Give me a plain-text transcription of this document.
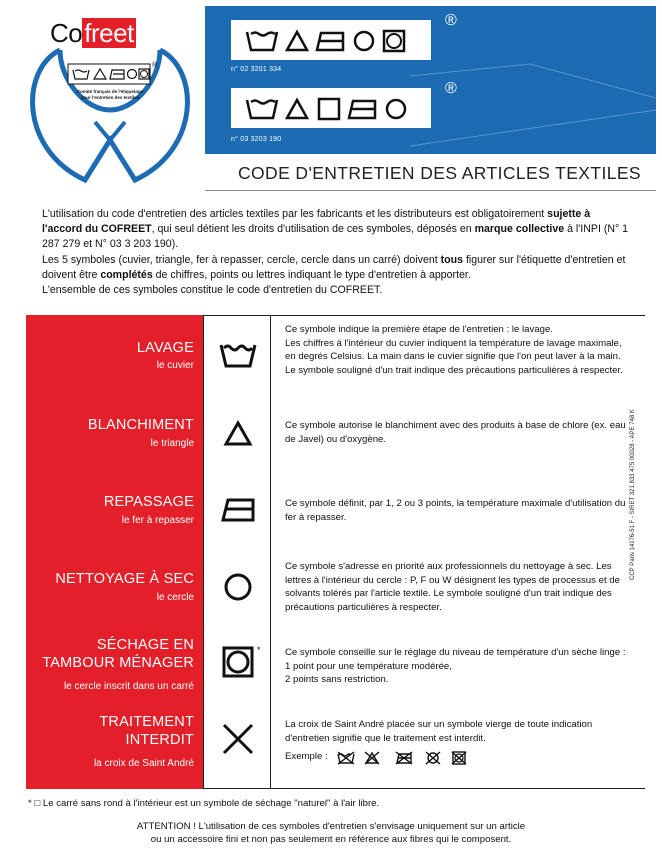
Cofreet
®
Comité français de l'étiquetage
pour l'entretien des textiles
®
n° 02 3201 334
®
n° 03 3203 190
CODE D'ENTRETIEN DES ARTICLES TEXTILES

L'utilisation du code d'entretien des articles textiles par les fabricants et les distributeurs est obligatoirement sujette à l'accord du COFREET, qui seul détient les droits d'utilisation de ces symboles, déposés en marque collective à l'INPI (N° 1 287 279 et N° 03 3 203 190).

Les 5 symboles (cuvier, triangle, fer à repasser, cercle, cercle dans un carré) doivent tous figurer sur l'étiquette d'entretien et doivent être complétés de chiffres, points ou lettres indiquant le type d'entretien à apporter.

L'ensemble de ces symboles constitue le code d'entretien du COFREET.

LAVAGE
le cuvier

Ce symbole indique la première étape de l'entretien : le lavage.

Les chiffres à l'intérieur du cuvier indiquent la température de lavage maximale, en degrés Celsius. La main dans le cuvier signifie que l'on peut laver à la main. Le symbole souligné d'un trait indique des précautions particulières à respecter.

BLANCHIMENT
le triangle

Ce symbole autorise le blanchiment avec des produits à base de chlore (ex. eau de Javel) ou d'oxygène.

REPASSAGE
le fer à repasser

Ce symbole définit, par 1, 2 ou 3 points, la température maximale d'utilisation du fer à repasser.

NETTOYAGE À SEC
le cercle

Ce symbole s'adresse en priorité aux professionnels du nettoyage à sec. Les lettres à l'intérieur du cercle : P, F ou W désignent les types de processus et de solvants tolérés par l'article textile. Le symbole souligné d'un trait indique des précautions particulières à respecter.

SÉCHAGE EN
TAMBOUR MÉNAGER
le cercle inscrit dans un carré
*	Ce symbole conseille sur le réglage du niveau de température d'un sèche linge : 1 point pour une température modérée,

2 points sans restriction.

TRAITEMENT
INTERDIT
la croix de Saint André

La croix de Saint André placée sur un symbole vierge de toute indication d'entretien signifie que le traitement est interdit.

Exemple :
CCP Paris 14176-51 F - SIRET 321 833 475 00028 - APE 748 K
* □ Le carré sans rond à l'intérieur est un symbole de séchage "naturel" à l'air libre.

ATTENTION ! L'utilisation de ces symboles d'entretien s'envisage uniquement sur un article

ou un accessoire fini et non pas seulement en référence aux fibres qui le composent.
